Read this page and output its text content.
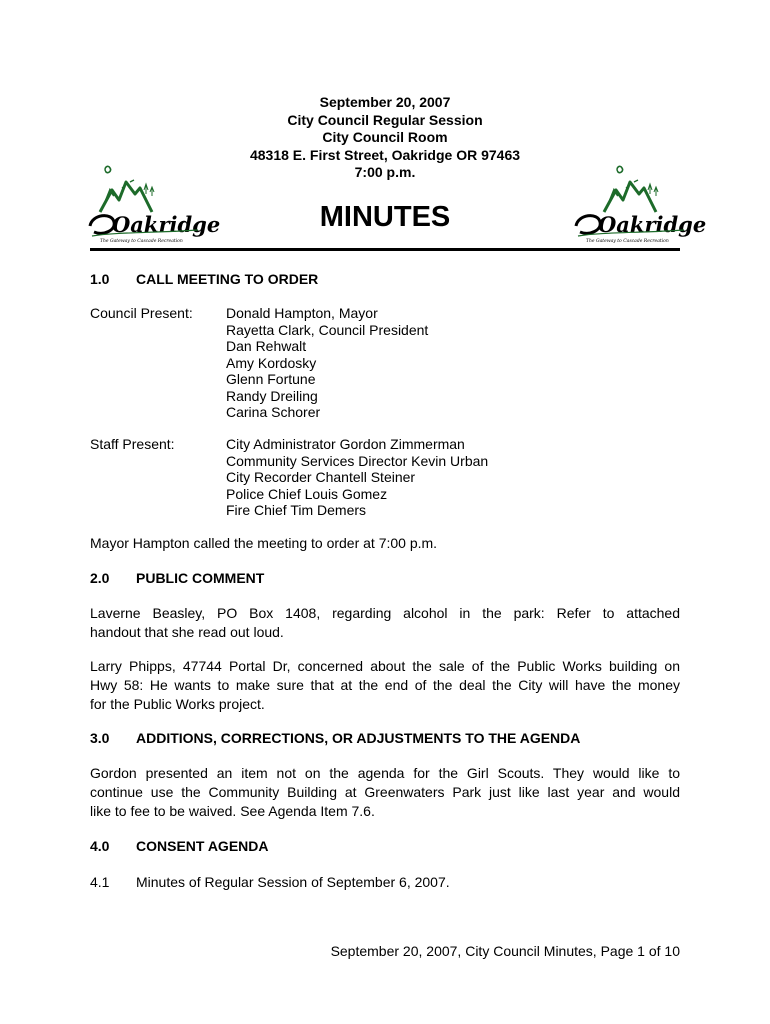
September 20, 2007
City Council Regular Session
City Council Room
48318 E. First Street, Oakridge OR 97463
7:00 p.m.
Oakridge
The Gateway to Cascade Recreation
Oakridge
The Gateway to Cascade Recreation
MINUTES
1.0 CALL MEETING TO ORDER
Council Present: Donald Hampton, Mayor
Rayetta Clark, Council President
Dan Rehwalt
Amy Kordosky
Glenn Fortune
Randy Dreiling
Carina Schorer
Staff Present:	City Administrator Gordon Zimmerman
Community Services Director Kevin Urban
City Recorder Chantell Steiner
Police Chief Louis Gomez
Fire Chief Tim Demers
Mayor Hampton called the meeting to order at 7:00 p.m.
2.0 PUBLIC COMMENT
Laverne Beasley, PO Box 1408, regarding alcohol in the park: Refer to attached
handout that she read out loud.
Larry Phipps, 47744 Portal Dr, concerned about the sale of the Public Works building on
Hwy 58: He wants to make sure that at the end of the deal the City will have the money
for the Public Works project.
3.0 ADDITIONS, CORRECTIONS, OR ADJUSTMENTS TO THE AGENDA
Gordon presented an item not on the agenda for the Girl Scouts. They would like to
continue use the Community Building at Greenwaters Park just like last year and would
like to fee to be waived. See Agenda Item 7.6.
4.0 CONSENT AGENDA
4.1 Minutes of Regular Session of September 6, 2007.
September 20, 2007, City Council Minutes, Page 1 of 10
